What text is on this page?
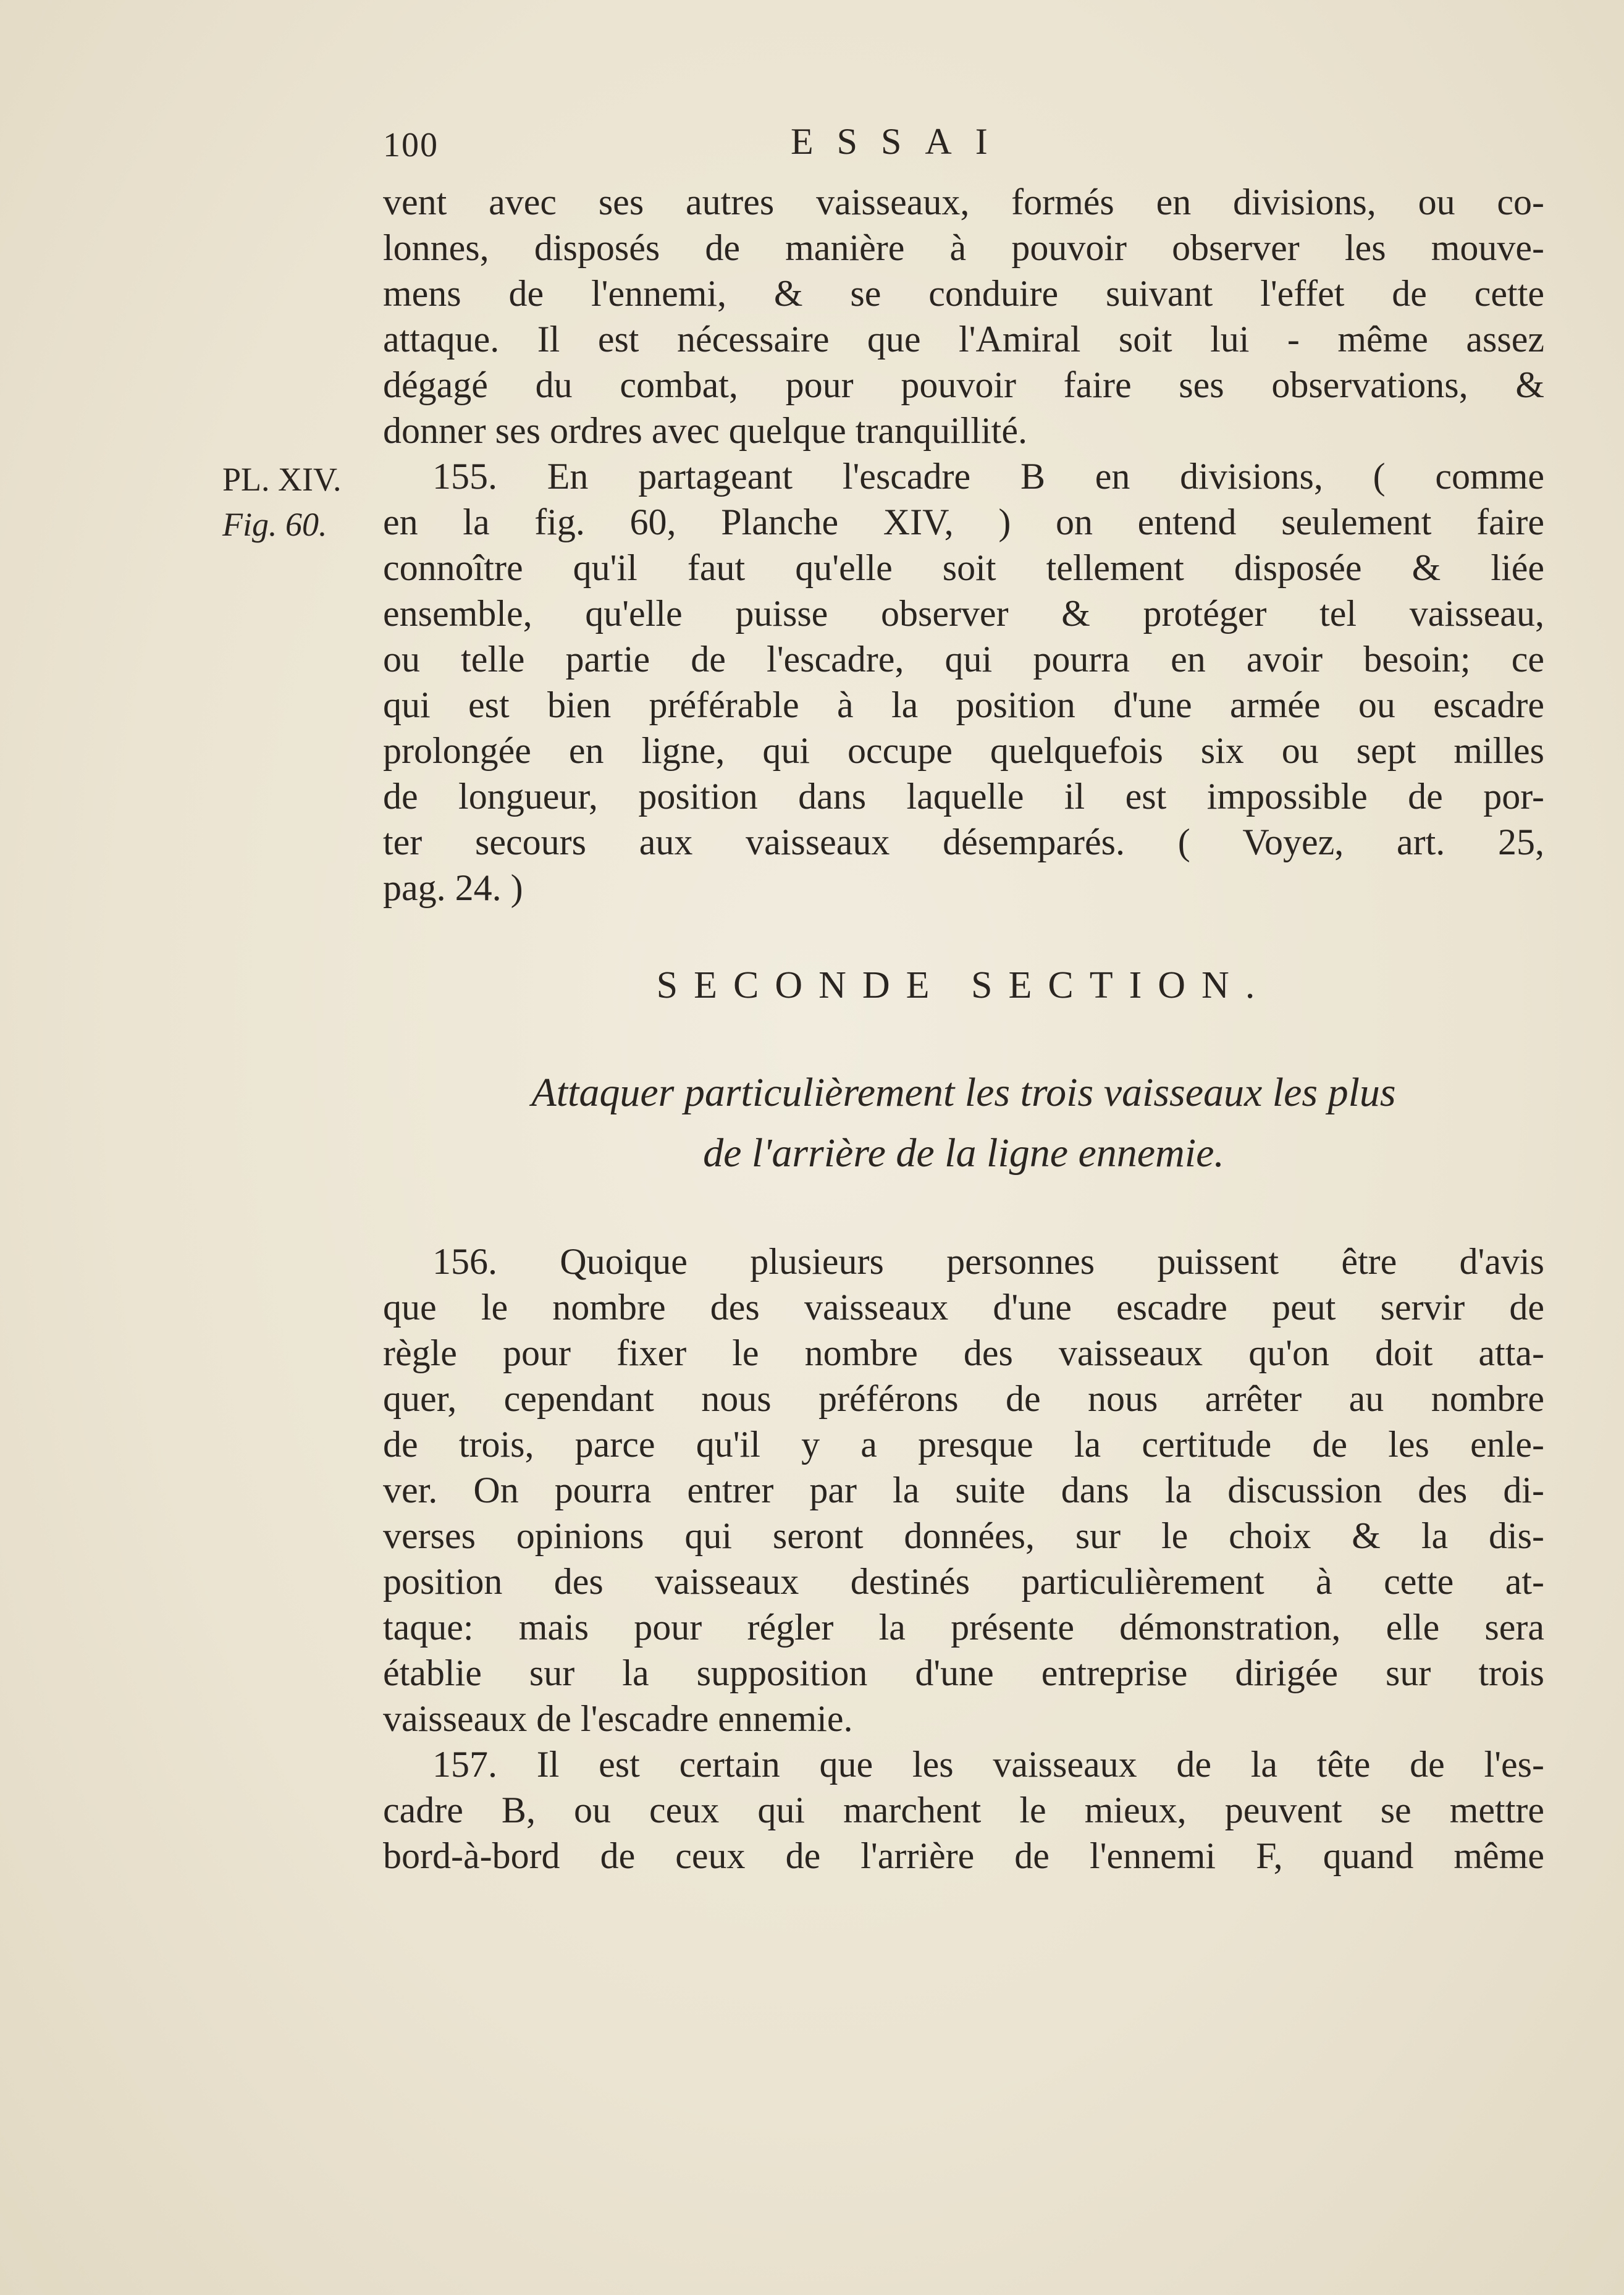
100	ESSAI
PL. XIV.
Fig. 60.
vent avec ses autres vaisseaux, formés en divisions, ou co-
lonnes, disposés de manière à pouvoir observer les mouve-
mens de l'ennemi, & se conduire suivant l'effet de cette
attaque. Il est nécessaire que l'Amiral soit lui - même assez
dégagé du combat, pour pouvoir faire ses observations, &
donner ses ordres avec quelque tranquillité.
155. En partageant l'escadre B en divisions, ( comme
en la fig. 60, Planche XIV, ) on entend seulement faire
connoître qu'il faut qu'elle soit tellement disposée & liée
ensemble, qu'elle puisse observer & protéger tel vaisseau,
ou telle partie de l'escadre, qui pourra en avoir besoin; ce
qui est bien préférable à la position d'une armée ou escadre
prolongée en ligne, qui occupe quelquefois six ou sept milles
de longueur, position dans laquelle il est impossible de por-
ter secours aux vaisseaux désemparés. ( Voyez, art. 25,
pag. 24. )
SECONDE SECTION.
Attaquer particulièrement les trois vaisseaux les plus
de l'arrière de la ligne ennemie.
156. Quoique plusieurs personnes puissent être d'avis
que le nombre des vaisseaux d'une escadre peut servir de
règle pour fixer le nombre des vaisseaux qu'on doit atta-
quer, cependant nous préférons de nous arrêter au nombre
de trois, parce qu'il y a presque la certitude de les enle-
ver. On pourra entrer par la suite dans la discussion des di-
verses opinions qui seront données, sur le choix & la dis-
position des vaisseaux destinés particulièrement à cette at-
taque: mais pour régler la présente démonstration, elle sera
établie sur la supposition d'une entreprise dirigée sur trois
vaisseaux de l'escadre ennemie.
157. Il est certain que les vaisseaux de la tête de l'es-
cadre B, ou ceux qui marchent le mieux, peuvent se mettre
bord-à-bord de ceux de l'arrière de l'ennemi F, quand même
